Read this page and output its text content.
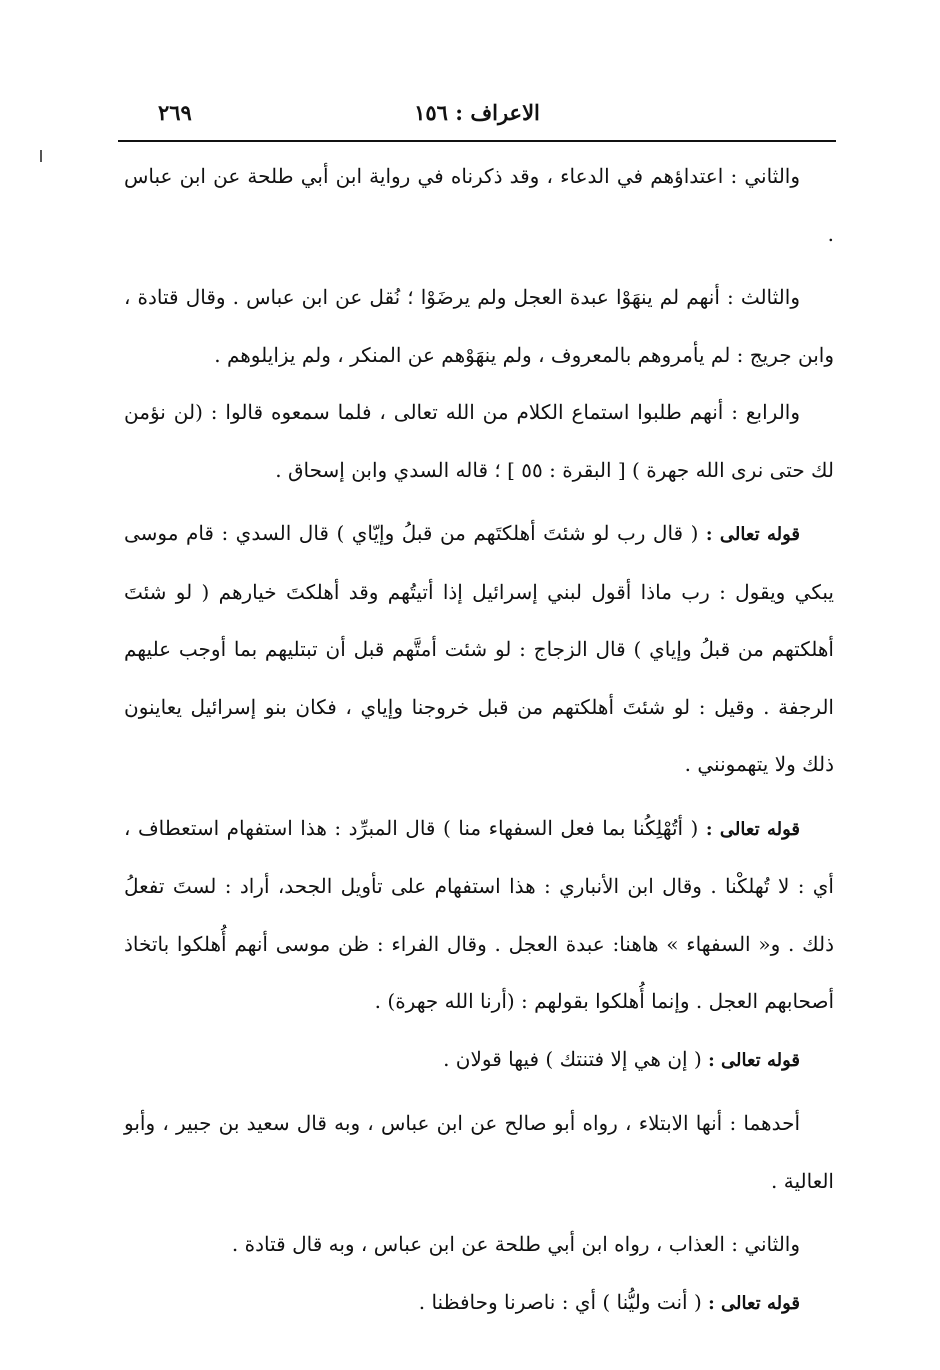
الاعراف : ١٥٦
٢٦٩

والثاني : اعتداؤهم في الدعاء ، وقد ذكرناه في رواية ابن أبي طلحة عن ابن عباس .

والثالث : أنهم لم ينهَوْا عبدة العجل ولم يرضَوْا ؛ نُقل عن ابن عباس . وقال قتادة ، وابن جريج : لم يأمروهم بالمعروف ، ولم ينهَوْهم عن المنكر ، ولم يزايلوهم .

والرابع : أنهم طلبوا استماع الكلام من الله تعالى ، فلما سمعوه قالوا : (لن نؤمن لك حتى نرى الله جهرة ) [ البقرة : ٥٥ ] ؛ قاله السدي وابن إسحاق .

قوله تعالى : ( قال رب لو شئتَ أهلكتَهم من قبلُ وإيّاي ) قال السدي : قام موسى يبكي ويقول : رب ماذا أقول لبني إسرائيل إذا أتيتُهم وقد أهلكتَ خيارهم ( لو شئتَ أهلكتهم من قبلُ وإياي ) قال الزجاج : لو شئت أمتَّهم قبل أن تبتليهم بما أوجب عليهم الرجفة . وقيل : لو شئتَ أهلكتهم من قبل خروجنا وإياي ، فكان بنو إسرائيل يعاينون ذلك ولا يتهمونني .

قوله تعالى : ( أتُهْلِكُنا بما فعل السفهاء منا ) قال المبرِّد : هذا استفهام استعطاف ، أي : لا تُهلكْنا . وقال ابن الأنباري : هذا استفهام على تأويل الجحد، أراد : لستَ تفعلُ ذلك . و« السفهاء » هاهنا: عبدة العجل . وقال الفراء : ظن موسى أنهم أُهلكوا باتخاذ أصحابهم العجل . وإنما أُهلكوا بقولهم : (أرنا الله جهرة) .

قوله تعالى : ( إن هي إلا فتنتك ) فيها قولان .

أحدهما : أنها الابتلاء ، رواه أبو صالح عن ابن عباس ، وبه قال سعيد بن جبير ، وأبو العالية .

والثاني : العذاب ، رواه ابن أبي طلحة عن ابن عباس ، وبه قال قتادة .

قوله تعالى : ( أنت وليُّنا ) أي : ناصرنا وحافظنا .
